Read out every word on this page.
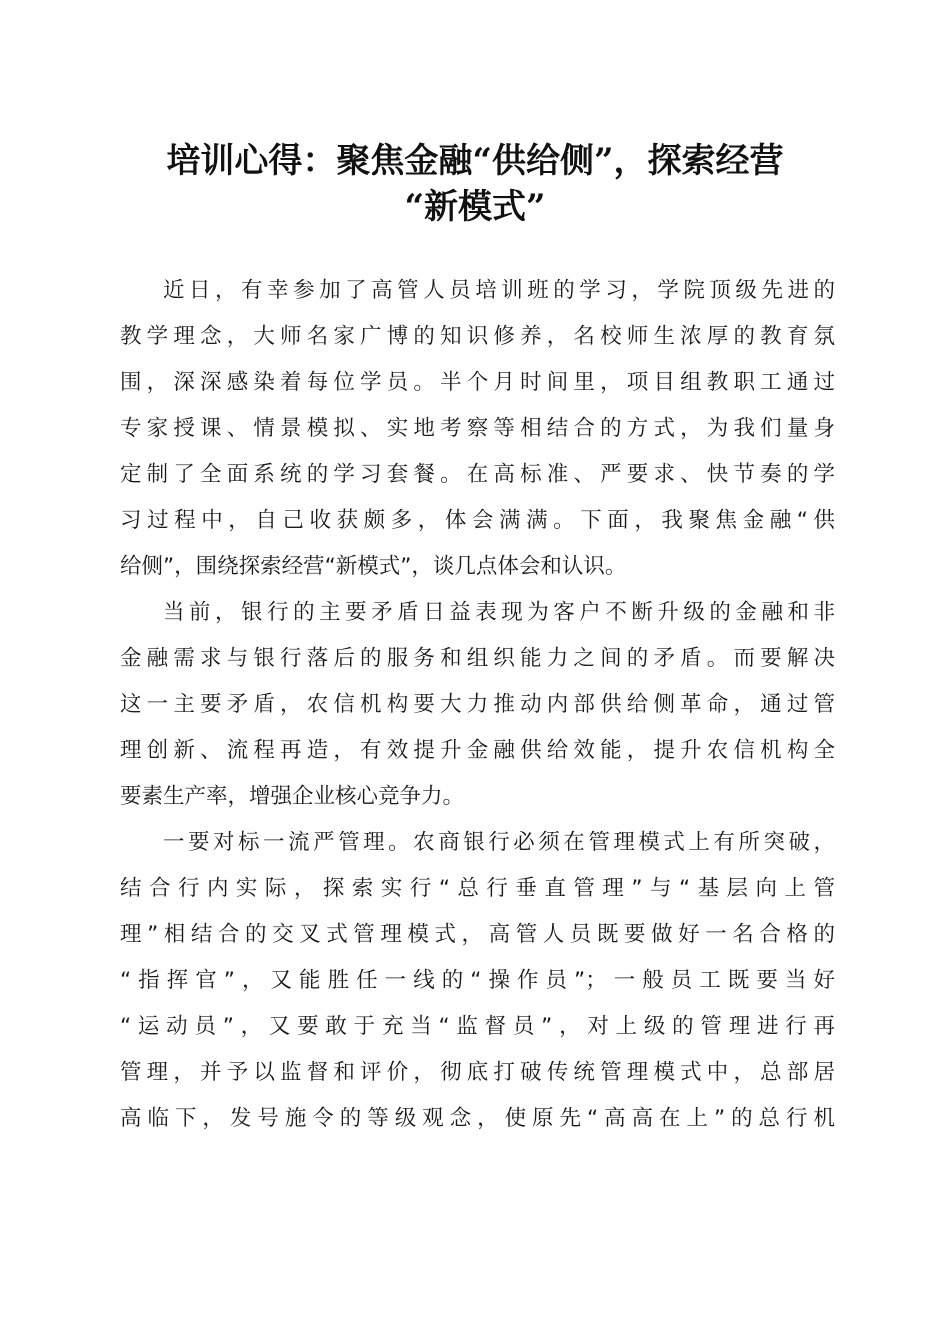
培训心得：聚焦金融“供给侧”，探索经营
“新模式”
近日，有幸参加了高管人员培训班的学习，学院顶级先进的
教学理念，大师名家广博的知识修养，名校师生浓厚的教育氛
围，深深感染着每位学员。半个月时间里，项目组教职工通过
专家授课、情景模拟、实地考察等相结合的方式，为我们量身
定制了全面系统的学习套餐。在高标准、严要求、快节奏的学
习过程中，自己收获颇多，体会满满。下面，我聚焦金融“供
给侧”，围绕探索经营“新模式”，谈几点体会和认识。
当前，银行的主要矛盾日益表现为客户不断升级的金融和非
金融需求与银行落后的服务和组织能力之间的矛盾。而要解决
这一主要矛盾，农信机构要大力推动内部供给侧革命，通过管
理创新、流程再造，有效提升金融供给效能，提升农信机构全
要素生产率，增强企业核心竞争力。
一要对标一流严管理。农商银行必须在管理模式上有所突破，
结合行内实际，探索实行“总行垂直管理”与“基层向上管
理”相结合的交叉式管理模式，高管人员既要做好一名合格的
“指挥官”，又能胜任一线的“操作员”；一般员工既要当好
“运动员”，又要敢于充当“监督员”，对上级的管理进行再
管理，并予以监督和评价，彻底打破传统管理模式中，总部居
高临下，发号施令的等级观念，使原先“高高在上”的总行机
